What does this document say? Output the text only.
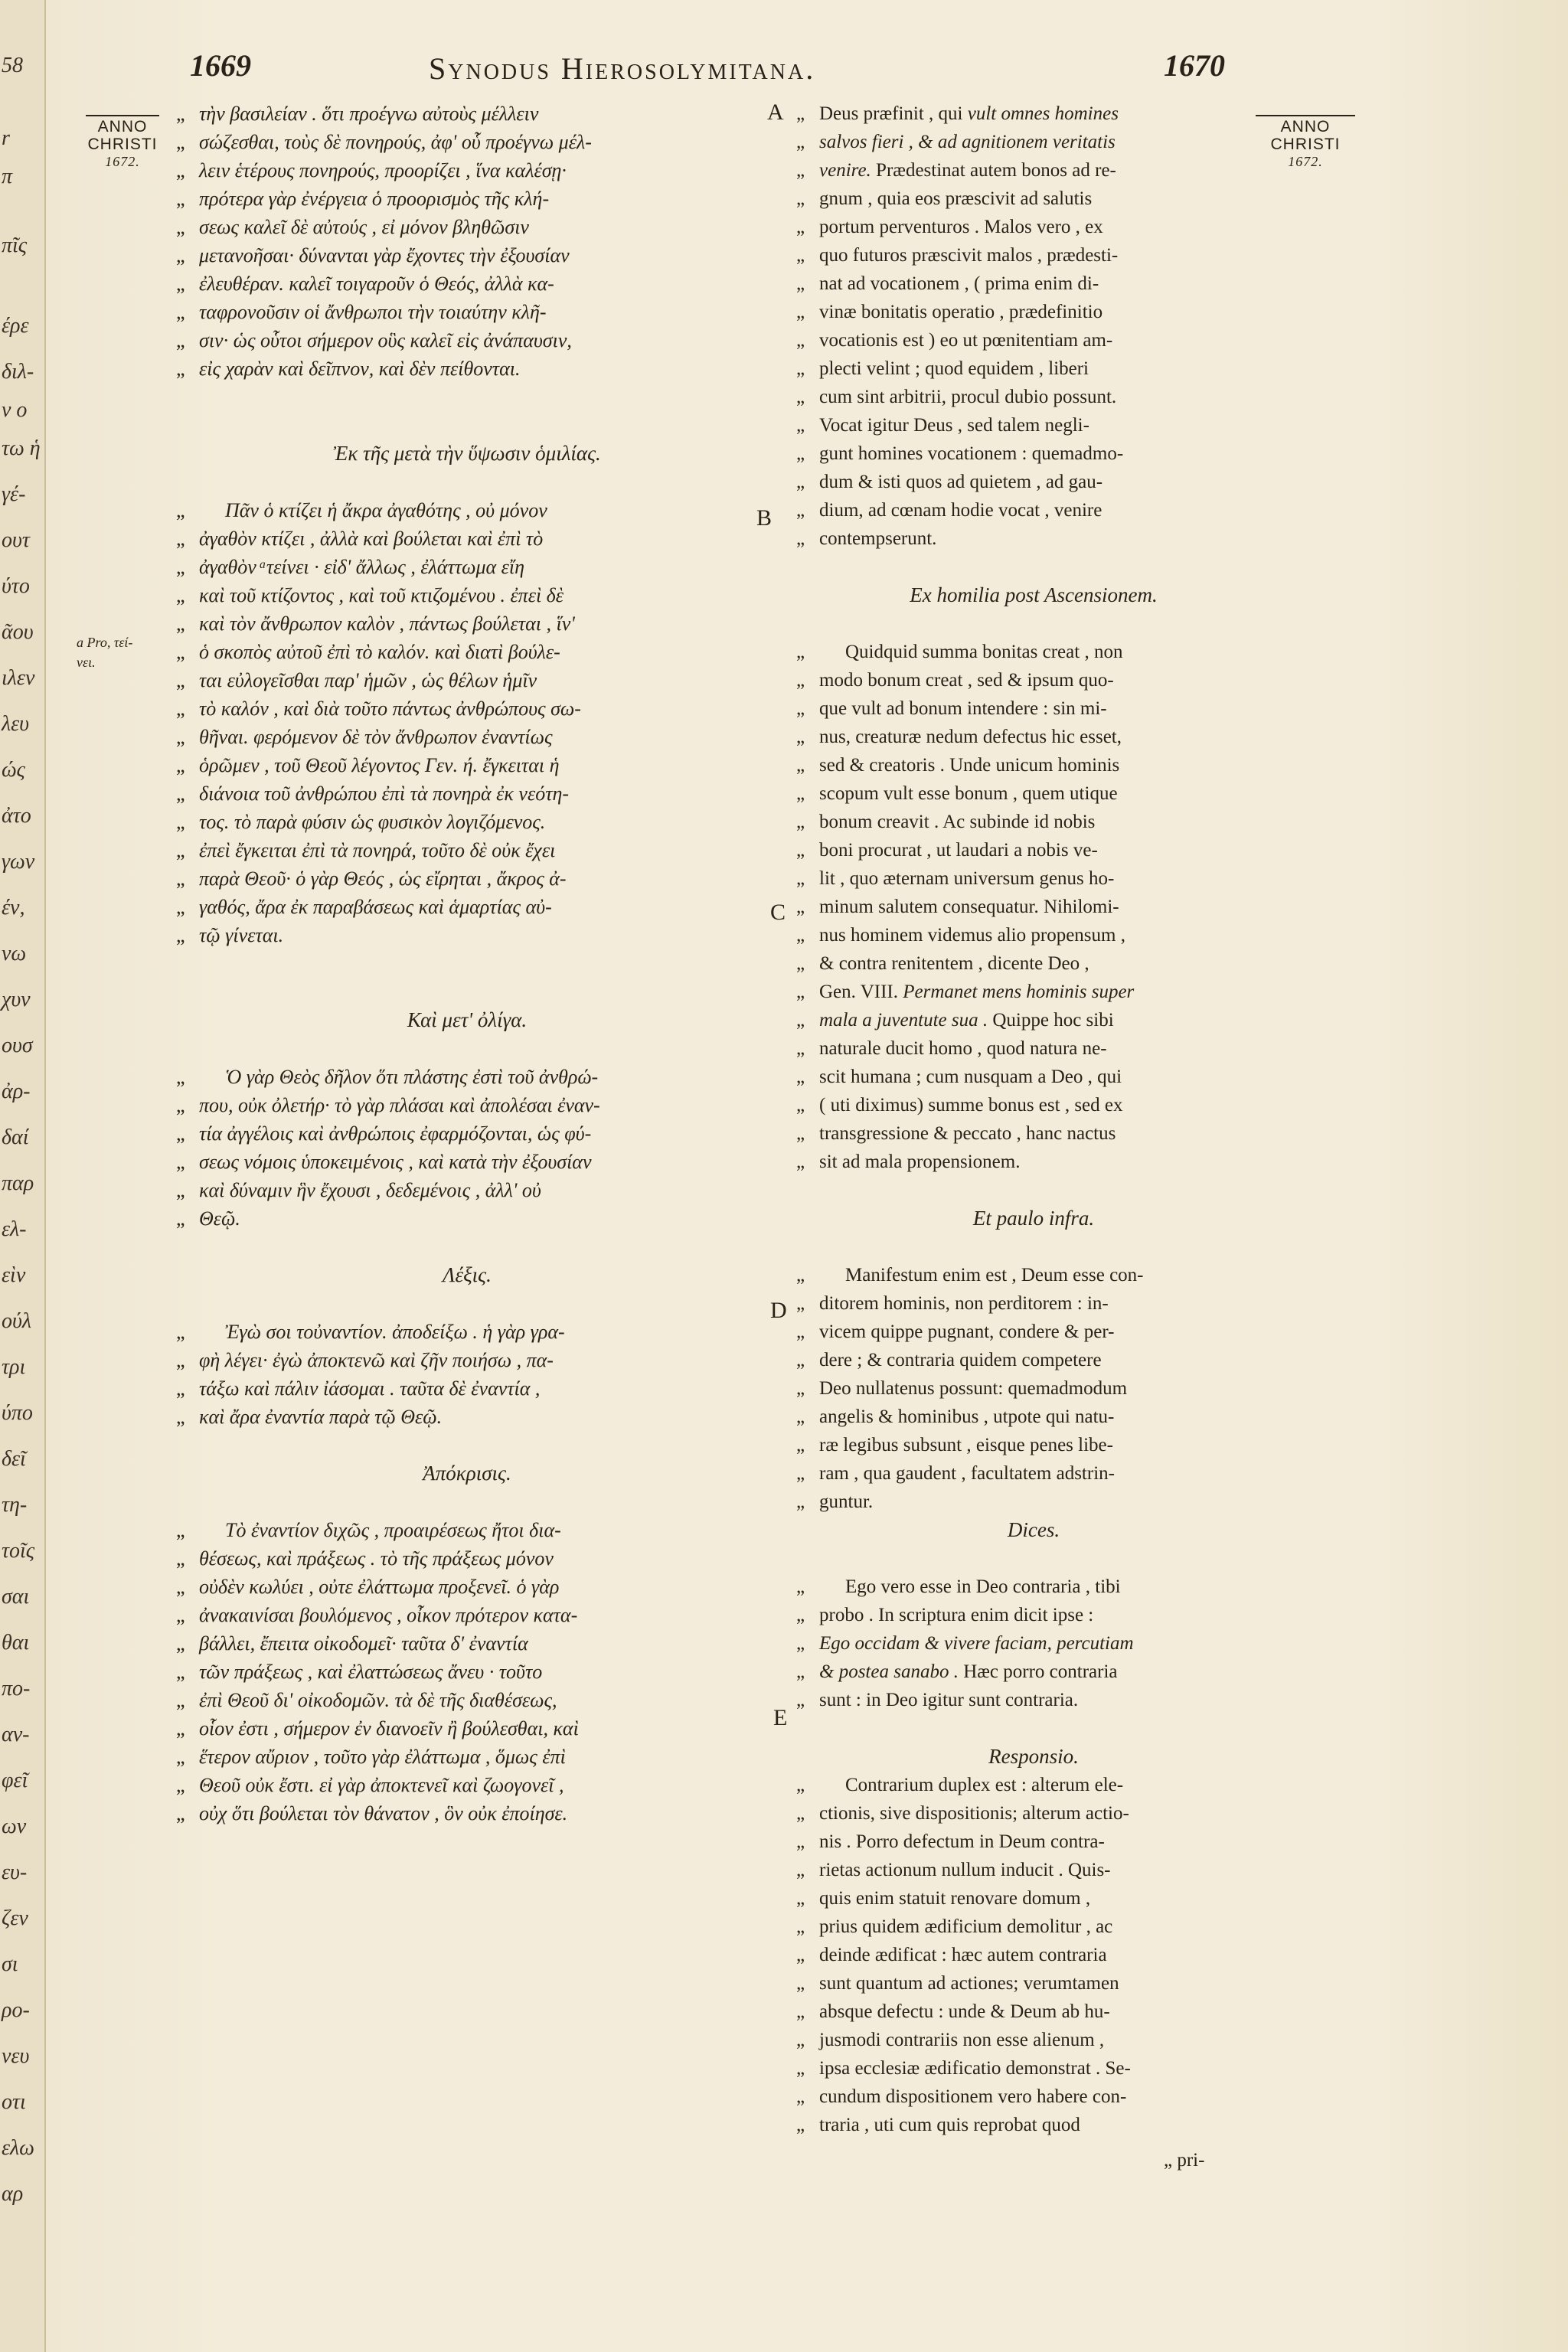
58
r
π
πῖς
έρε
διλ-
ν ο
τω ἡ
γέ-
ουτ
ύτο
ᾶου
ιλεν
λευ
ώς
ἀτο
γων
έν,
νω
χυν
ουσ
ἀρ-
δαί
παρ
ελ-
εὶν
ούλ
τρι
ύπο
δεῖ
τη-
τοῖς
σαι
θαι
πο-
αν-
φεῖ
ων
ευ-
ζεν
σι
ρο-
νευ
οτι
ελω
αρ
1669	Synodus Hierosolymitana.	1670
ANNO
CHRISTI
1672.
ANNO
CHRISTI
1672.
a Pro, τεί-
νει.
A
B
C
D
E
„ τὴν βασιλείαν . ὅτι προέγνω αὐτοὺς μέλλειν
„ σώζεσθαι, τοὺς δὲ πονηρούς, ἀφ' οὗ προέγνω μέλ-
„ λειν ἑτέρους πονηρούς, προορίζει , ἵνα καλέσῃ·
„ πρότερα γὰρ ἐνέργεια ὁ προορισμὸς τῆς κλή-
„ σεως καλεῖ δὲ αὐτούς , εἰ μόνον βληθῶσιν
„ μετανοῆσαι· δύνανται γὰρ ἔχοντες τὴν ἐξουσίαν
„ ἐλευθέραν. καλεῖ τοιγαροῦν ὁ Θεός, ἀλλὰ κα-
„ ταφρονοῦσιν οἱ ἄνθρωποι τὴν τοιαύτην κλῆ-
„ σιν· ὡς οὗτοι σήμερον οὓς καλεῖ εἰς ἀνάπαυσιν,
„ εἰς χαρὰν καὶ δεῖπνον, καὶ δὲν πείθονται.
Ἐκ τῆς μετὰ τὴν ὕψωσιν ὁμιλίας.
„ Πᾶν ὁ κτίζει ἡ ἄκρα ἀγαθότης , οὐ μόνον
„ ἀγαθὸν κτίζει , ἀλλὰ καὶ βούλεται καὶ ἐπὶ τὸ
„ ἀγαθὸν ͣ τείνει · εἰδ' ἄλλως , ἐλάττωμα εἴη
„ καὶ τοῦ κτίζοντος , καὶ τοῦ κτιζομένου . ἐπεὶ δὲ
„ καὶ τὸν ἄνθρωπον καλὸν , πάντως βούλεται , ἵν'
„ ὁ σκοπὸς αὐτοῦ ἐπὶ τὸ καλόν. καὶ διατὶ βούλε-
„ ται εὐλογεῖσθαι παρ' ἡμῶν , ὡς θέλων ἡμῖν
„ τὸ καλόν , καὶ διὰ τοῦτο πάντως ἀνθρώπους σω-
„ θῆναι. φερόμενον δὲ τὸν ἄνθρωπον ἐναντίως
„ ὁρῶμεν , τοῦ Θεοῦ λέγοντος Γεν. ή. ἔγκειται ἡ
„ διάνοια τοῦ ἀνθρώπου ἐπὶ τὰ πονηρὰ ἐκ νεότη-
„ τος. τὸ παρὰ φύσιν ὡς φυσικὸν λογιζόμενος.
„ ἐπεὶ ἔγκειται ἐπὶ τὰ πονηρά, τοῦτο δὲ οὐκ ἔχει
„ παρὰ Θεοῦ· ὁ γὰρ Θεός , ὡς εἴρηται , ἄκρος ἀ-
„ γαθός, ἄρα ἐκ παραβάσεως καὶ ἁμαρτίας αὐ-
„ τῷ γίνεται.
Καὶ μετ' ὀλίγα.
„ Ὁ γὰρ Θεὸς δῆλον ὅτι πλάστης ἐστὶ τοῦ ἀνθρώ-
„ που, οὐκ ὀλετήρ· τὸ γὰρ πλάσαι καὶ ἀπολέσαι ἐναν-
„ τία ἀγγέλοις καὶ ἀνθρώποις ἐφαρμόζονται, ὡς φύ-
„ σεως νόμοις ὑποκειμένοις , καὶ κατὰ τὴν ἐξουσίαν
„ καὶ δύναμιν ἣν ἔχουσι , δεδεμένοις , ἀλλ' οὐ
„ Θεῷ.
Λέξις.
„ Ἐγὼ σοι τοὐναντίον. ἀποδείξω . ἡ γὰρ γρα-
„ φὴ λέγει· ἐγὼ ἀποκτενῶ καὶ ζῆν ποιήσω , πα-
„ τάξω καὶ πάλιν ἰάσομαι . ταῦτα δὲ ἐναντία ,
„ καὶ ἄρα ἐναντία παρὰ τῷ Θεῷ.
Ἀπόκρισις.
„ Τὸ ἐναντίον διχῶς , προαιρέσεως ἤτοι δια-
„ θέσεως, καὶ πράξεως . τὸ τῆς πράξεως μόνον
„ οὐδὲν κωλύει , οὐτε ἐλάττωμα προξενεῖ. ὁ γὰρ
„ ἀνακαινίσαι βουλόμενος , οἶκον πρότερον κατα-
„ βάλλει, ἔπειτα οἰκοδομεῖ· ταῦτα δ' ἐναντία
„ τῶν πράξεως , καὶ ἐλαττώσεως ἄνευ · τοῦτο
„ ἐπὶ Θεοῦ δι' οἰκοδομῶν. τὰ δὲ τῆς διαθέσεως,
„ οἷον ἐστι , σήμερον ἐν διανοεῖν ἢ βούλεσθαι, καὶ
„ ἕτερον αὔριον , τοῦτο γὰρ ἐλάττωμα , ὅμως ἐπὶ
„ Θεοῦ οὐκ ἔστι. εἰ γὰρ ἀποκτενεῖ καὶ ζωογονεῖ ,
„ οὐχ ὅτι βούλεται τὸν θάνατον , ὃν οὐκ ἐποίησε.
„ Deus præfinit , qui vult omnes homines
„ salvos fieri , & ad agnitionem veritatis
„ venire. Prædestinat autem bonos ad re-
„ gnum , quia eos præscivit ad salutis
„ portum perventuros . Malos vero , ex
„ quo futuros præscivit malos , prædesti-
„ nat ad vocationem , ( prima enim di-
„ vinæ bonitatis operatio , prædefinitio
„ vocationis est ) eo ut pœnitentiam am-
„ plecti velint ; quod equidem , liberi
„ cum sint arbitrii, procul dubio possunt.
„ Vocat igitur Deus , sed talem negli-
„ gunt homines vocationem : quemadmo-
„ dum & isti quos ad quietem , ad gau-
„ dium, ad cœnam hodie vocat , venire
„ contempserunt.
Ex homilia post Ascensionem.
„ Quidquid summa bonitas creat , non
„ modo bonum creat , sed & ipsum quo-
„ que vult ad bonum intendere : sin mi-
„ nus, creaturæ nedum defectus hic esset,
„ sed & creatoris . Unde unicum hominis
„ scopum vult esse bonum , quem utique
„ bonum creavit . Ac subinde id nobis
„ boni procurat , ut laudari a nobis ve-
„ lit , quo æternam universum genus ho-
„ minum salutem consequatur. Nihilomi-
„ nus hominem videmus alio propensum ,
„ & contra renitentem , dicente Deo ,
„ Gen. VIII. Permanet mens hominis super
„ mala a juventute sua . Quippe hoc sibi
„ naturale ducit homo , quod natura ne-
„ scit humana ; cum nusquam a Deo , qui
„ ( uti diximus) summe bonus est , sed ex
„ transgressione & peccato , hanc nactus
„ sit ad mala propensionem.
Et paulo infra.
„ Manifestum enim est , Deum esse con-
„ ditorem hominis, non perditorem : in-
„ vicem quippe pugnant, condere & per-
„ dere ; & contraria quidem competere
„ Deo nullatenus possunt: quemadmodum
„ angelis & hominibus , utpote qui natu-
„ ræ legibus subsunt , eisque penes libe-
„ ram , qua gaudent , facultatem adstrin-
„ guntur.
Dices.
„ Ego vero esse in Deo contraria , tibi
„ probo . In scriptura enim dicit ipse :
„ Ego occidam & vivere faciam, percutiam
„ & postea sanabo . Hæc porro contraria
„ sunt : in Deo igitur sunt contraria.
Responsio.
„ Contrarium duplex est : alterum ele-
„ ctionis, sive dispositionis; alterum actio-
„ nis . Porro defectum in Deum contra-
„ rietas actionum nullum inducit . Quis-
„ quis enim statuit renovare domum ,
„ prius quidem ædificium demolitur , ac
„ deinde ædificat : hæc autem contraria
„ sunt quantum ad actiones; verumtamen
„ absque defectu : unde & Deum ab hu-
„ jusmodi contrariis non esse alienum ,
„ ipsa ecclesiæ ædificatio demonstrat . Se-
„ cundum dispositionem vero habere con-
„ traria , uti cum quis reprobat quod
„ pri-
